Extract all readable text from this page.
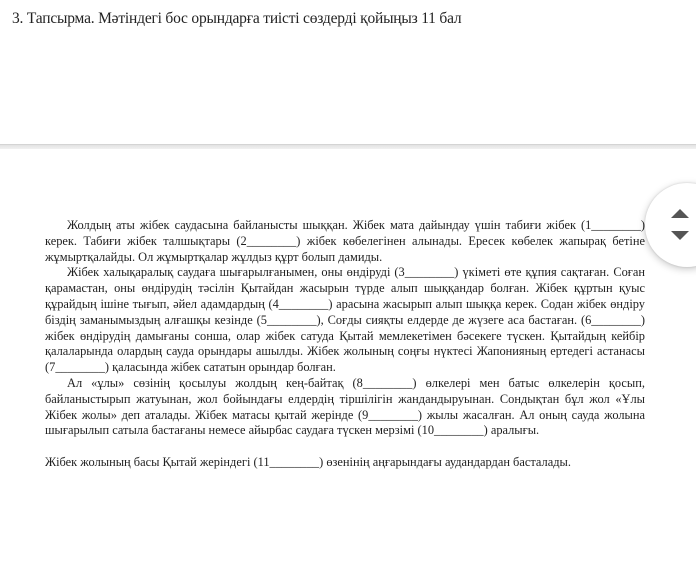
3. Тапсырма. Мәтіндегі бос орындарға тиісті сөздерді қойыңыз 11 бал

Жолдың аты жібек саудасына байланысты шыққан. Жібек мата дайындау үшін табиғи жібек (1________) керек. Табиғи жібек талшықтары (2________) жібек көбелегінен алынады. Ересек көбелек жапырақ бетіне жұмыртқалайды. Ол жұмыртқалар жұлдыз құрт болып дамиды.

Жібек халықаралық саудаға шығарылғанымен, оны өндіруді (3________) үкіметі өте құпия сақтаған. Соған қарамастан, оны өндірудің тәсілін Қытайдан жасырын түрде алып шыққандар болған. Жібек құртын қуыс құрайдың ішіне тығып, әйел адамдардың (4________) арасына жасырып алып шыққа керек. Содан жібек өндіру біздің заманымыздың алғашқы кезінде (5________), Соғды сияқты елдерде де жүзеге аса бастаған. (6________) жібек өндірудің дамығаны сонша, олар жібек сатуда Қытай мемлекетімен бәсекеге түскен. Қытайдың кейбір қалаларында олардың сауда орындары ашылды. Жібек жолының соңғы нүктесі Жапонияның ертедегі астанасы (7________) қаласында жібек сататын орындар болған.

Ал «ұлы» сөзінің қосылуы жолдың кең-байтақ (8________) өлкелері мен батыс өлкелерін қосып, байланыстырып жатуынан, жол бойындағы елдердің тіршілігін жандандыруынан. Сондықтан бұл жол «Ұлы Жібек жолы» деп аталады. Жібек матасы қытай жерінде (9________) жылы жасалған. Ал оның сауда жолына шығарылып сатыла бастағаны немесе айырбас саудаға түскен мерзімі (10________) аралығы.

Жібек жолының басы Қытай жеріндегі (11________) өзенінің аңғарындағы аудандардан басталады.
